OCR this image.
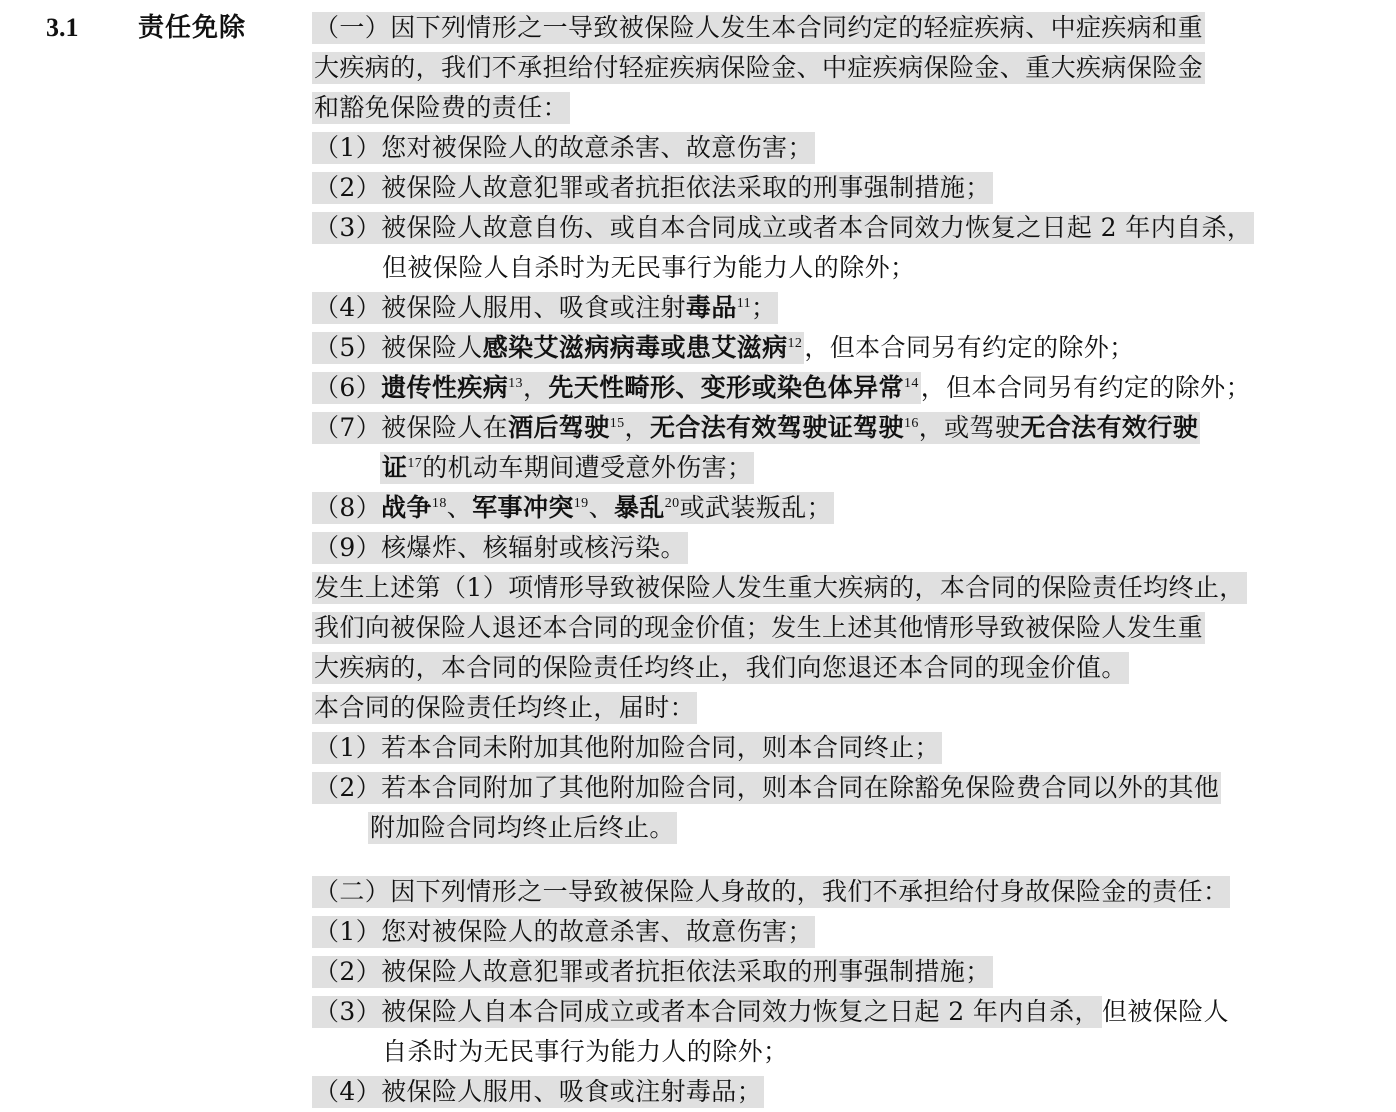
3.1 责任免除	（一）因下列情形之一导致被保险人发生本合同约定的轻症疾病、中症疾病和重
大疾病的，我们不承担给付轻症疾病保险金、中症疾病保险金、重大疾病保险金
和豁免保险费的责任：
（1）您对被保险人的故意杀害、故意伤害；
（2）被保险人故意犯罪或者抗拒依法采取的刑事强制措施；
（3）被保险人故意自伤、或自本合同成立或者本合同效力恢复之日起 2 年内自杀，
但被保险人自杀时为无民事行为能力人的除外；
（4）被保险人服用、吸食或注射毒品$^{11}$；
（5）被保险人感染艾滋病病毒或患艾滋病$^{12}$，但本合同另有约定的除外；
（6）遗传性疾病$^{13}$，先天性畸形、变形或染色体异常$^{14}$，但本合同另有约定的除外；
（7）被保险人在酒后驾驶$^{15}$，无合法有效驾驶证驾驶$^{16}$，或驾驶无合法有效行驶
证$^{17}$的机动车期间遭受意外伤害；
（8）战争$^{18}$、军事冲突$^{19}$、暴乱$^{20}$或武装叛乱；
（9）核爆炸、核辐射或核污染。
发生上述第（1）项情形导致被保险人发生重大疾病的，本合同的保险责任均终止，
我们向被保险人退还本合同的现金价值；发生上述其他情形导致被保险人发生重
大疾病的，本合同的保险责任均终止，我们向您退还本合同的现金价值。
本合同的保险责任均终止，届时：
（1）若本合同未附加其他附加险合同，则本合同终止；
（2）若本合同附加了其他附加险合同，则本合同在除豁免保险费合同以外的其他
附加险合同均终止后终止。
（二）因下列情形之一导致被保险人身故的，我们不承担给付身故保险金的责任：
（1）您对被保险人的故意杀害、故意伤害；
（2）被保险人故意犯罪或者抗拒依法采取的刑事强制措施；
（3）被保险人自本合同成立或者本合同效力恢复之日起 2 年内自杀，但被保险人
自杀时为无民事行为能力人的除外；
（4）被保险人服用、吸食或注射毒品；
